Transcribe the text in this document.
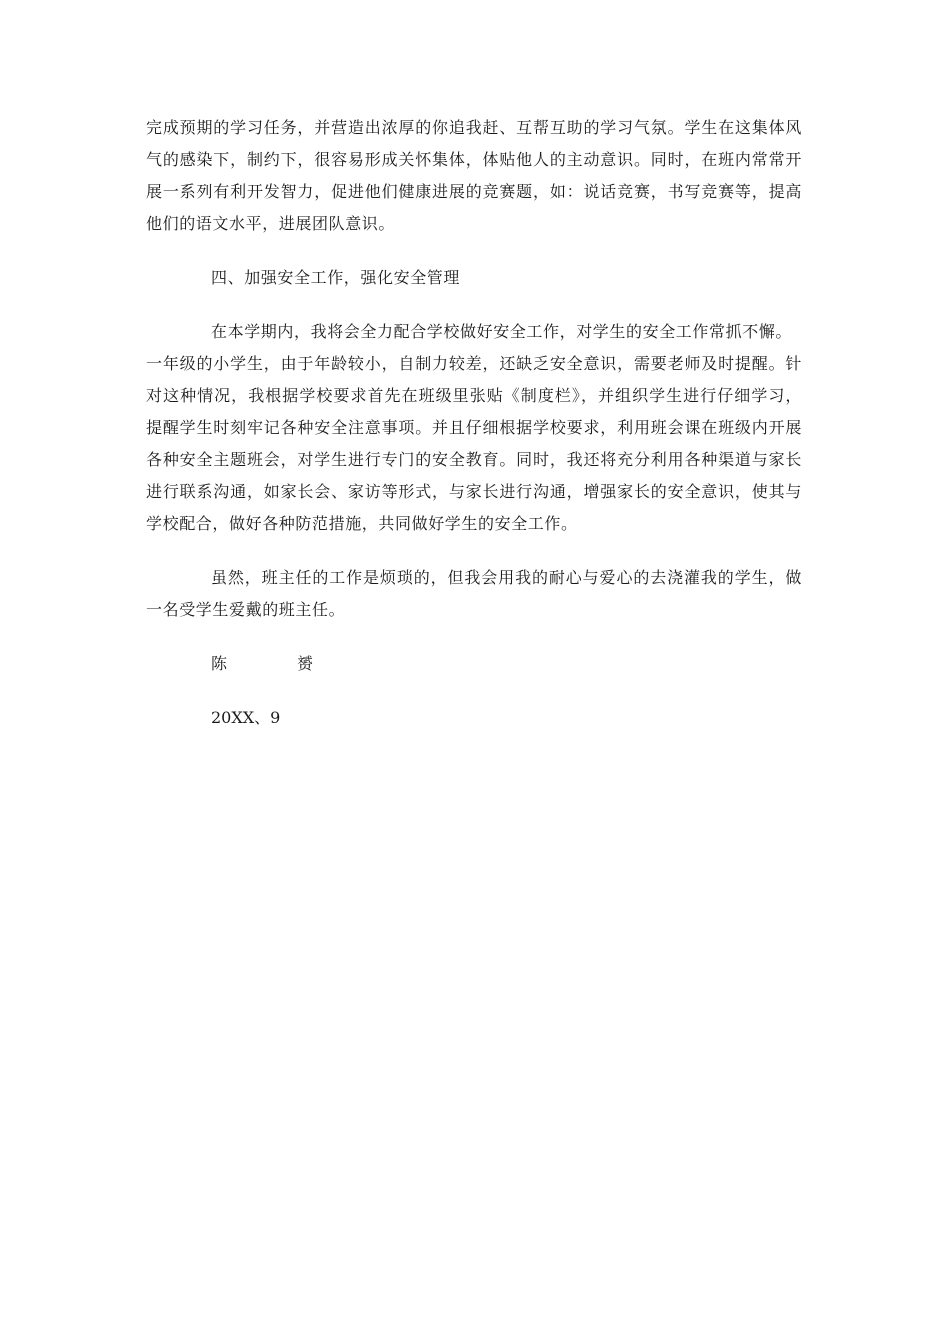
完成预期的学习任务，并营造出浓厚的你追我赶、互帮互助的学习气氛。学生在这集体风
气的感染下，制约下，很容易形成关怀集体，体贴他人的主动意识。同时，在班内常常开
展一系列有利开发智力，促进他们健康进展的竞赛题，如：说话竞赛，书写竞赛等，提高
他们的语文水平，进展团队意识。

四、加强安全工作，强化安全管理

在本学期内，我将会全力配合学校做好安全工作，对学生的安全工作常抓不懈。
一年级的小学生，由于年龄较小，自制力较差，还缺乏安全意识，需要老师及时提醒。针
对这种情况，我根据学校要求首先在班级里张贴《制度栏》，并组织学生进行仔细学习，
提醒学生时刻牢记各种安全注意事项。并且仔细根据学校要求，利用班会课在班级内开展
各种安全主题班会，对学生进行专门的安全教育。同时，我还将充分利用各种渠道与家长
进行联系沟通，如家长会、家访等形式，与家长进行沟通，增强家长的安全意识，使其与
学校配合，做好各种防范措施，共同做好学生的安全工作。
虽然，班主任的工作是烦琐的，但我会用我的耐心与爱心的去浇灌我的学生，做
一名受学生爱戴的班主任。

陈	赟

20XX、9
